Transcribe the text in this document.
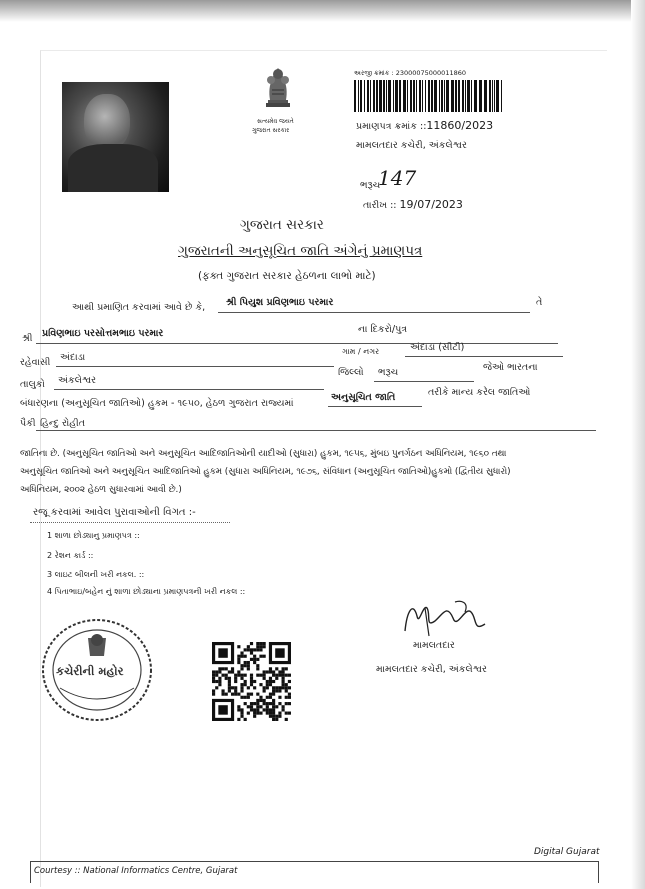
સત્યમેવ જયતે
ગુજરાત સરકાર
અરજી ક્રમાંક : 23000075000011860
પ્રમાણપત્ર ક્રમાંક ::11860/2023
મામલતદાર કચેરી, અંકલેશ્વર
ભરૂચ
147
તારીખ :: 19/07/2023
ગુજરાત સરકાર
ગુજરાતની અનુસૂચિત જાતિ અંગેનું પ્રમાણપત્ર
(ફક્ત ગુજરાત સરકાર હેઠળના લાભો માટે)
આથી પ્રમાણિત કરવામાં આવે છે કે, શ્રી પિયુશ પ્રવિણભાઇ પરમાર	તે
શ્રી પ્રવિણભાઇ પરસોત્તમભાઇ પરમાર	ના દિકરો/પુત્ર
રહેવાસી અંદાડા
ગામ / નગર	અંદાડા (સીટી)
તાલુકો અંકલેશ્વર
જિલ્લો ભરૂચ	જેઓ ભારતના
બંધારણના (અનુસૂચિત જાતિઓ) હુકમ - ૧૯૫૦, હેઠળ ગુજરાત રાજ્યમાં
અનુસૂચિત જાતિ	તરીકે માન્ય કરેલ જાતિઓ
પૈકી હિન્દુ રોહીત
જાતિના છે. (અનુસૂચિત જાતિઓ અને અનુસૂચિત આદિજાતિઓની યાદીઓ (સુધારા) હુકમ, ૧૯૫૬, મુંબઇ પુનર્ગઠન અધિનિયમ, ૧૯૬૦ તથા
અનુસૂચિત જાતિઓ અને અનુસૂચિત આદિજાતિઓ હુકમ (સુધારા અધિનિયમ, ૧૯૭૬, સંવિધાન (અનુસૂચિત જાતિઓ)હુકમો (દ્વિતીય સુધારો)
અધિનિયમ, ૨૦૦૨ હેઠળ સુધારવામાં આવી છે.)
રજૂ કરવામાં આવેલ પુરાવાઓની વિગત :-
1 શાળા છોડ્યાનુ પ્રમાણપત્ર ::
2 રેશન કાર્ડ ::
3 લાઇટ બીલની ખરી નકલ. ::
4 પિતાભાઇ/બહેન નું શાળા છોડ્યાના પ્રમાણપત્રની ખરી નકલ ::
મામલતદાર
મામલતદાર કચેરી, અંકલેશ્વર
કચેરીની મહોર
Courtesy :: National Informatics Centre, Gujarat
Digital Gujarat
